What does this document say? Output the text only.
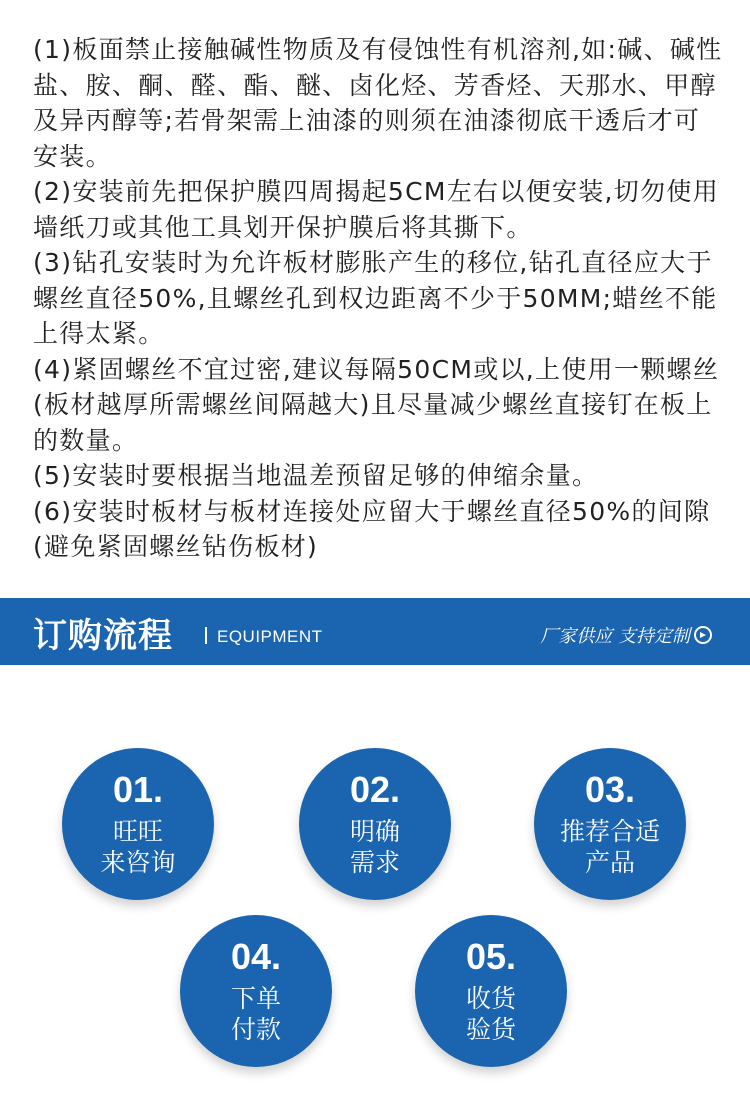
(1)板面禁止接触碱性物质及有侵蚀性有机溶剂,如:碱、碱性盐、胺、酮、醛、酯、醚、卤化烃、芳香烃、天那水、甲醇及异丙醇等;若骨架需上油漆的则须在油漆彻底干透后才可安装。

(2)安装前先把保护膜四周揭起5CM左右以便安装,切勿使用墙纸刀或其他工具划开保护膜后将其撕下。

(3)钻孔安装时为允许板材膨胀产生的移位,钻孔直径应大于螺丝直径50%,且螺丝孔到权边距离不少于50MM;蜡丝不能上得太紧。

(4)紧固螺丝不宜过密,建议每隔50CM或以,上使用一颗螺丝(板材越厚所需螺丝间隔越大)且尽量减少螺丝直接钉在板上的数量。

(5)安装时要根据当地温差预留足够的伸缩余量。

(6)安装时板材与板材连接处应留大于螺丝直径50%的间隙(避免紧固螺丝钻伤板材)

订购流程	EQUIPMENT	厂家供应 支持定制
01.
旺旺
来咨询
02.
明确
需求
03.
推荐合适
产品
04.
下单
付款
05.
收货
验货
